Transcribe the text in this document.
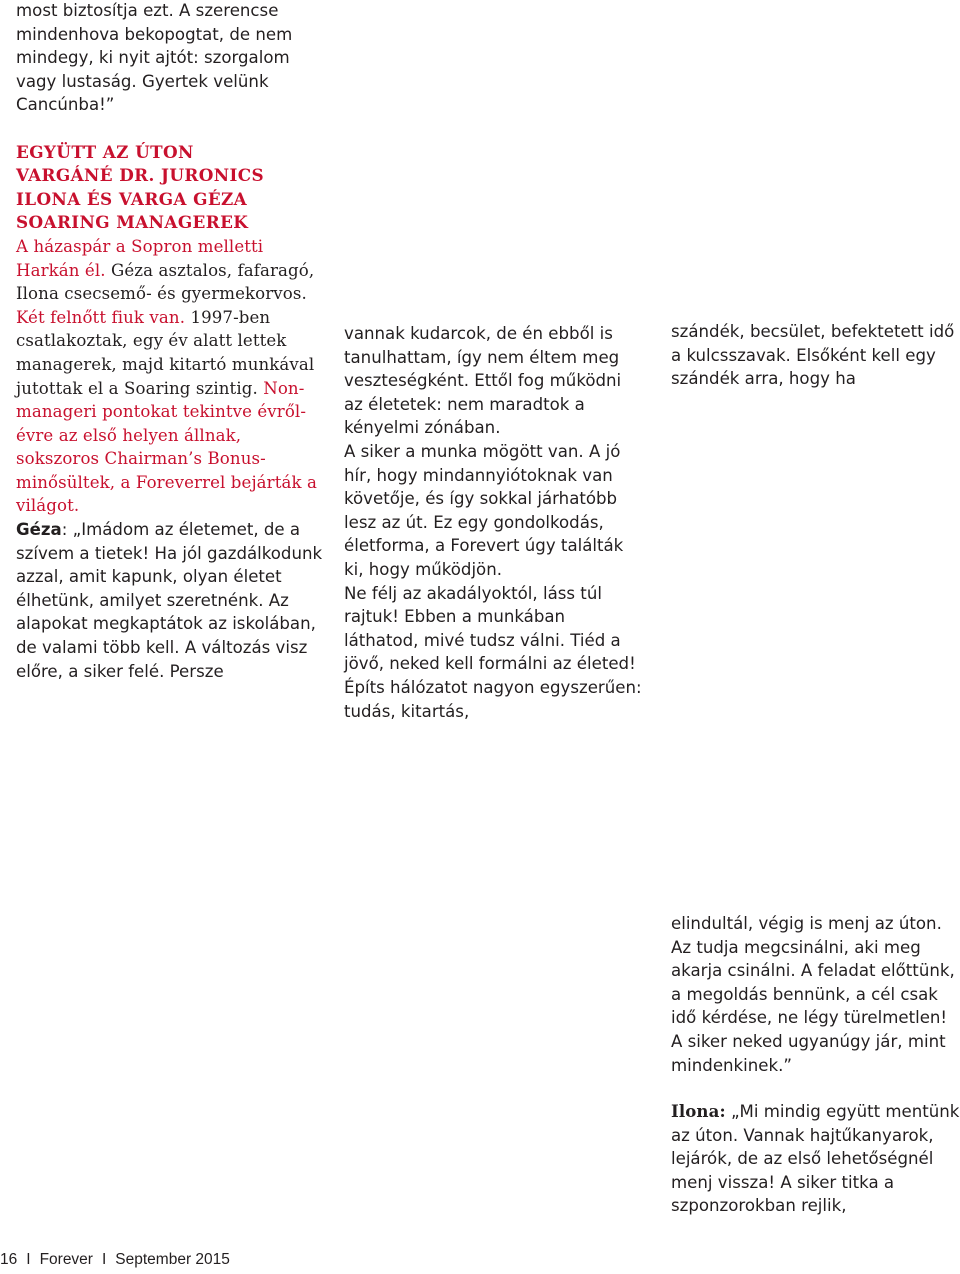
most biztosítja ezt. A szerencse mindenhova bekopogtat, de nem mindegy, ki nyit ajtót: szorgalom vagy lustaság. Gyertek velünk Cancúnba!”

EGYÜTT AZ ÚTON
VARGÁNÉ DR. JURONICS
ILONA ÉS VARGA GÉZA
SOARING MANAGEREK

A házaspár a Sopron melletti Harkán él. Géza asztalos, fafaragó, Ilona csecsemő- és gyermekorvos. Két felnőtt fiuk van. 1997-ben csatlakoztak, egy év alatt lettek managerek, majd kitartó munkával jutottak el a Soaring szintig. Non-manageri pontokat tekintve évről-évre az első helyen állnak, sokszoros Chairman’s Bonus-minősültek, a Foreverrel bejárták a világot.

Géza: „Imádom az életemet, de a szívem a tietek! Ha jól gazdálkodunk azzal, amit kapunk, olyan életet élhetünk, amilyet szeretnénk. Az alapokat megkaptátok az iskolában, de valami több kell. A változás visz előre, a siker felé. Persze

vannak kudarcok, de én ebből is tanulhattam, így nem éltem meg veszteségként. Ettől fog működni az életetek: nem maradtok a kényelmi zónában.

A siker a munka mögött van. A jó hír, hogy mindannyiótoknak van követője, és így sokkal járhatóbb lesz az út. Ez egy gondolkodás, életforma, a Forevert úgy találták ki, hogy működjön.

Ne félj az akadályoktól, láss túl rajtuk! Ebben a munkában láthatod, mivé tudsz válni. Tiéd a jövő, neked kell formálni az életed! Építs hálózatot nagyon egyszerűen: tudás, kitartás,

szándék, becsület, befektetett idő a kulcsszavak. Elsőként kell egy szándék arra, hogy ha

elindultál, végig is menj az úton. Az tudja megcsinálni, aki meg akarja csinálni. A feladat előttünk, a megoldás bennünk, a cél csak idő kérdése, ne légy türelmetlen! A siker neked ugyanúgy jár, mint mindenkinek.”

Ilona: „Mi mindig együtt mentünk az úton. Vannak hajtűkanyarok, lejárók, de az első lehetőségnél menj vissza! A siker titka a szponzorokban rejlik,

16 I Forever I September 2015
